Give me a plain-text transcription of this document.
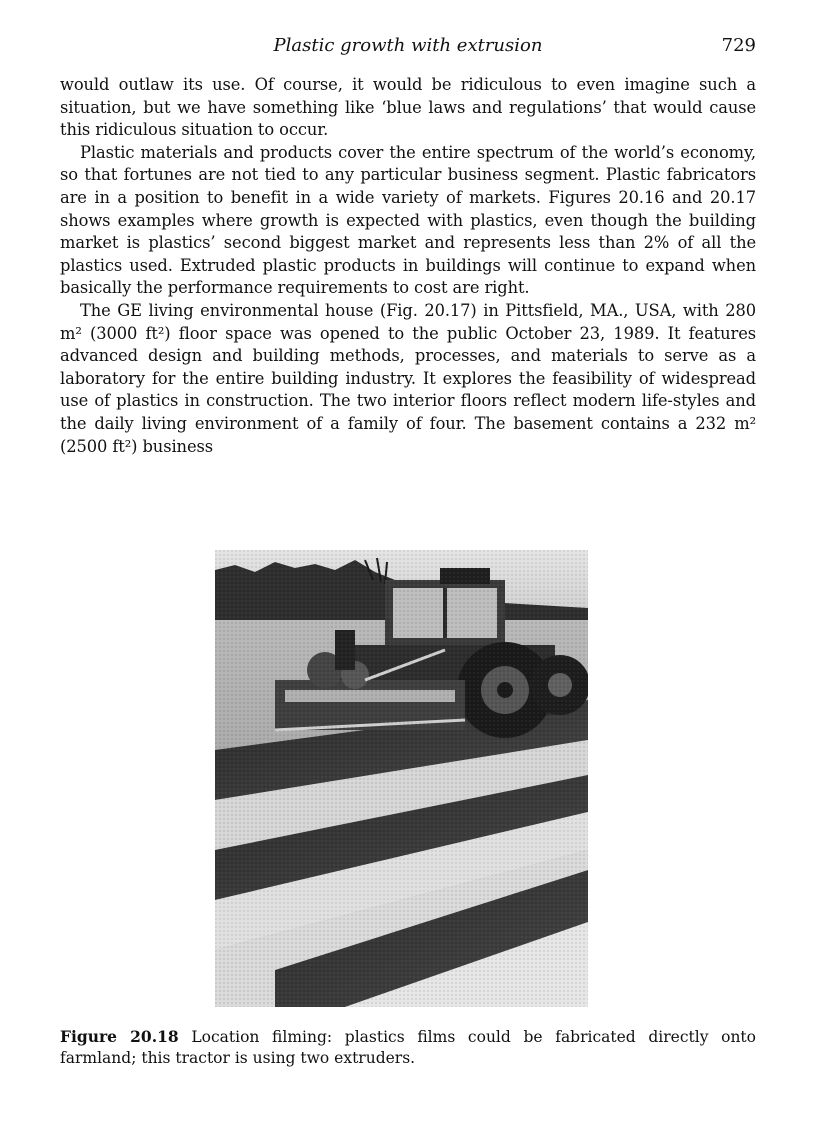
Plastic growth with extrusion	729

would outlaw its use. Of course, it would be ridiculous to even imagine such a situation, but we have something like ‘blue laws and regulations’ that would cause this ridiculous situation to occur.

Plastic materials and products cover the entire spectrum of the world’s economy, so that fortunes are not tied to any particular business segment. Plastic fabricators are in a position to benefit in a wide variety of markets. Figures 20.16 and 20.17 shows examples where growth is expected with plastics, even though the building market is plastics’ second biggest market and represents less than 2% of all the plastics used. Extruded plastic products in buildings will continue to expand when basically the performance requirements to cost are right.

The GE living environmental house (Fig. 20.17) in Pittsfield, MA., USA, with 280 m² (3000 ft²) floor space was opened to the public October 23, 1989. It features advanced design and building methods, processes, and materials to serve as a laboratory for the entire building industry. It explores the feasibility of widespread use of plastics in construction. The two interior floors reflect modern life-styles and the daily living environment of a family of four. The basement contains a 232 m² (2500 ft²) business

Figure 20.18 Location filming: plastics films could be fabricated directly onto farmland; this tractor is using two extruders.
